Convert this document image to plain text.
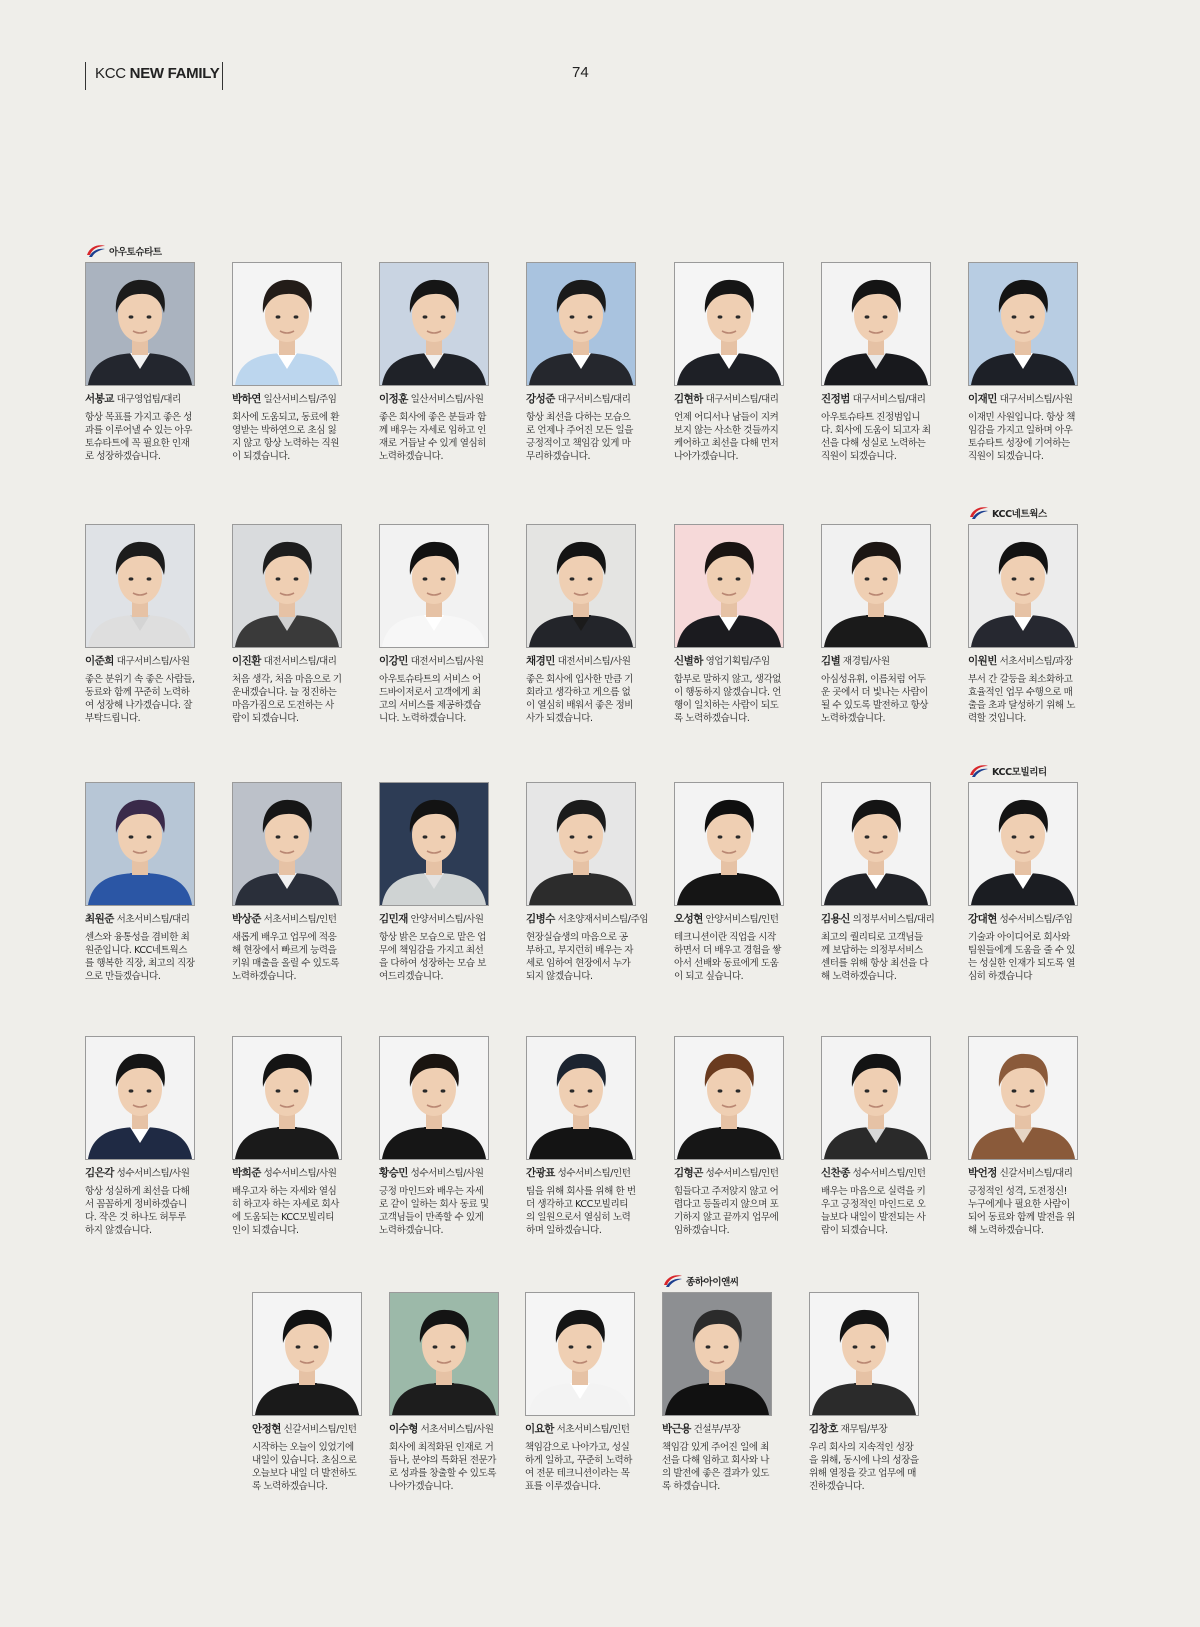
KCC NEW FAMILY	74
아우토슈타트
KCC네트웍스
KCC모빌리티
종하아이앤씨
서봉교 대구영업팀/대리
항상 목표를 가지고 좋은 성과를 이루어낼 수 있는 아우토슈타트에 꼭 필요한 인재로 성장하겠습니다.
박하연 일산서비스팀/주임
회사에 도움되고, 동료에 환영받는 박하연으로 초심 잃지 않고 항상 노력하는 직원이 되겠습니다.
이정훈 일산서비스팀/사원
좋은 회사에 좋은 분들과 함께 배우는 자세로 임하고 인재로 거듭날 수 있게 열심히 노력하겠습니다.
강성준 대구서비스팀/대리
항상 최선을 다하는 모습으로 언제나 주어진 모든 일을 긍정적이고 책임감 있게 마무리하겠습니다.
김현하 대구서비스팀/대리
언제 어디서나 남들이 지켜보지 않는 사소한 것들까지 케어하고 최선을 다해 먼저 나아가겠습니다.
진정범 대구서비스팀/대리
아우토슈타트 진정범입니다. 회사에 도움이 되고자 최선을 다해 성실로 노력하는 직원이 되겠습니다.
이재민 대구서비스팀/사원
이재민 사원입니다. 항상 책임감을 가지고 일하며 아우토슈타트 성장에 기여하는 직원이 되겠습니다.
이준희 대구서비스팀/사원
좋은 분위기 속 좋은 사람들, 동료와 함께 꾸준히 노력하여 성장해 나가겠습니다. 잘 부탁드립니다.
이진환 대전서비스팀/대리
처음 생각, 처음 마음으로 기운내겠습니다. 늘 정진하는 마음가짐으로 도전하는 사람이 되겠습니다.
이강민 대전서비스팀/사원
아우토슈타트의 서비스 어드바이저로서 고객에게 최고의 서비스를 제공하겠습니다. 노력하겠습니다.
채경민 대전서비스팀/사원
좋은 회사에 입사한 만큼 기회라고 생각하고 게으름 없이 열심히 배워서 좋은 정비사가 되겠습니다.
신별하 영업기획팀/주임
함부로 말하지 않고, 생각없이 행동하지 않겠습니다. 언행이 일치하는 사람이 되도록 노력하겠습니다.
김별 재경팀/사원
아심성유휘, 이름처럼 어두운 곳에서 더 빛나는 사람이 될 수 있도록 발전하고 항상 노력하겠습니다.
이원빈 서초서비스팀/과장
부서 간 갈등을 최소화하고 효율적인 업무 수행으로 매출을 초과 달성하기 위해 노력할 것입니다.
최원준 서초서비스팀/대리
센스와 융통성을 겸비한 최원준입니다. KCC네트웍스를 행복한 직장, 최고의 직장으로 만들겠습니다.
박상준 서초서비스팀/인턴
새롭게 배우고 업무에 적응해 현장에서 빠르게 능력을 키워 매출을 올릴 수 있도록 노력하겠습니다.
김민재 안양서비스팀/사원
항상 밝은 모습으로 맡은 업무에 책임감을 가지고 최선을 다하여 성장하는 모습 보여드리겠습니다.
김병수 서초양재서비스팀/주임
현장실습생의 마음으로 공부하고, 부지런히 배우는 자세로 임하여 현장에서 누가 되지 않겠습니다.
오성현 안양서비스팀/인턴
테크니션이란 직업을 시작하면서 더 배우고 경험을 쌓아서 선배와 동료에게 도움이 되고 싶습니다.
김용신 의정부서비스팀/대리
최고의 퀄리티로 고객님들께 보답하는 의정부서비스센터를 위해 항상 최선을 다해 노력하겠습니다.
강대현 성수서비스팀/주임
기술과 아이디어로 회사와 팀원들에게 도움을 줄 수 있는 성실한 인재가 되도록 열심히 하겠습니다
김은각 성수서비스팀/사원
항상 성실하게 최선을 다해서 꼼꼼하게 정비하겠습니다. 작은 것 하나도 허투루 하지 않겠습니다.
박희준 성수서비스팀/사원
배우고자 하는 자세와 열심히 하고자 하는 자세로 회사에 도움되는 KCC모빌리티 인이 되겠습니다.
황승민 성수서비스팀/사원
긍정 마인드와 배우는 자세로 같이 일하는 회사 동료 및 고객님들이 만족할 수 있게 노력하겠습니다.
간광표 성수서비스팀/인턴
팀을 위해 회사를 위해 한 번 더 생각하고 KCC모빌리티의 일원으로서 열심히 노력하며 일하겠습니다.
김형곤 성수서비스팀/인턴
힘들다고 주저앉지 않고 어렵다고 등돌리지 않으며 포기하지 않고 끝까지 업무에 임하겠습니다.
신찬종 성수서비스팀/인턴
배우는 마음으로 실력을 키우고 긍정적인 마인드로 오늘보다 내일이 발전되는 사람이 되겠습니다.
박언정 신갈서비스팀/대리
긍정적인 성격, 도전정신! 누구에게나 필요한 사람이 되어 동료와 함께 발전을 위해 노력하겠습니다.
안정현 신갈서비스팀/인턴
시작하는 오늘이 있었기에 내일이 있습니다. 초심으로 오늘보다 내일 더 발전하도록 노력하겠습니다.
이수형 서초서비스팀/사원
회사에 최적화된 인재로 거듭나, 분야의 특화된 전문가로 성과를 창출할 수 있도록 나아가겠습니다.
이요한 서초서비스팀/인턴
책임감으로 나아가고, 성실하게 일하고, 꾸준히 노력하여 전문 테크니션이라는 목표를 이루겠습니다.
박근용 건설부/부장
책임감 있게 주어진 일에 최선을 다해 임하고 회사와 나의 발전에 좋은 결과가 있도록 하겠습니다.
김창호 재무팀/부장
우리 회사의 지속적인 성장을 위해, 동시에 나의 성장을 위해 열정을 갖고 업무에 매진하겠습니다.
